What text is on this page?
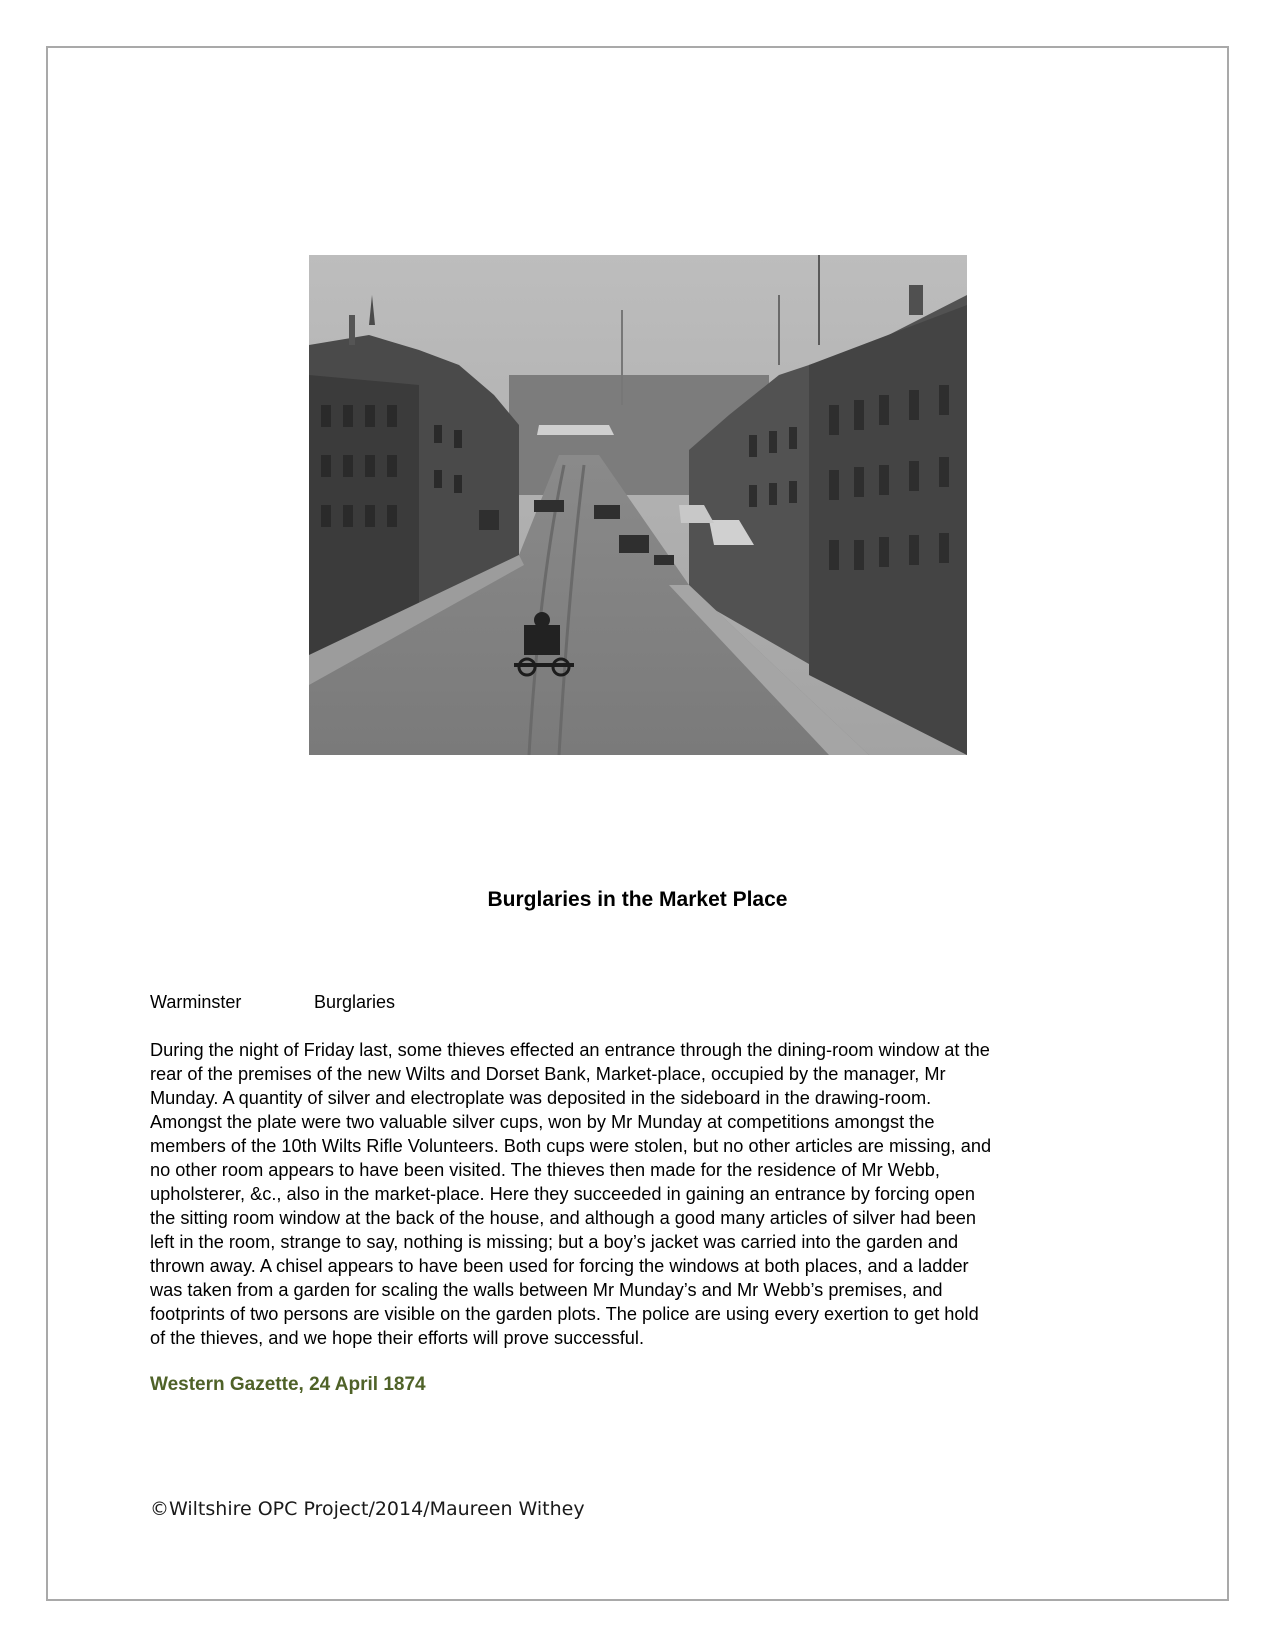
Burglaries in the Market Place
Warminster	Burglaries
During the night of Friday last, some thieves effected an entrance through the dining-room window at the
rear of the premises of the new Wilts and Dorset Bank, Market-place, occupied by the manager, Mr
Munday. A quantity of silver and electroplate was deposited in the sideboard in the drawing-room.
Amongst the plate were two valuable silver cups, won by Mr Munday at competitions amongst the
members of the 10th Wilts Rifle Volunteers. Both cups were stolen, but no other articles are missing, and
no other room appears to have been visited. The thieves then made for the residence of Mr Webb,
upholsterer, &c., also in the market-place. Here they succeeded in gaining an entrance by forcing open
the sitting room window at the back of the house, and although a good many articles of silver had been
left in the room, strange to say, nothing is missing; but a boy’s jacket was carried into the garden and
thrown away. A chisel appears to have been used for forcing the windows at both places, and a ladder
was taken from a garden for scaling the walls between Mr Munday’s and Mr Webb’s premises, and
footprints of two persons are visible on the garden plots. The police are using every exertion to get hold
of the thieves, and we hope their efforts will prove successful.
Western Gazette, 24 April 1874
©Wiltshire OPC Project/2014/Maureen Withey
